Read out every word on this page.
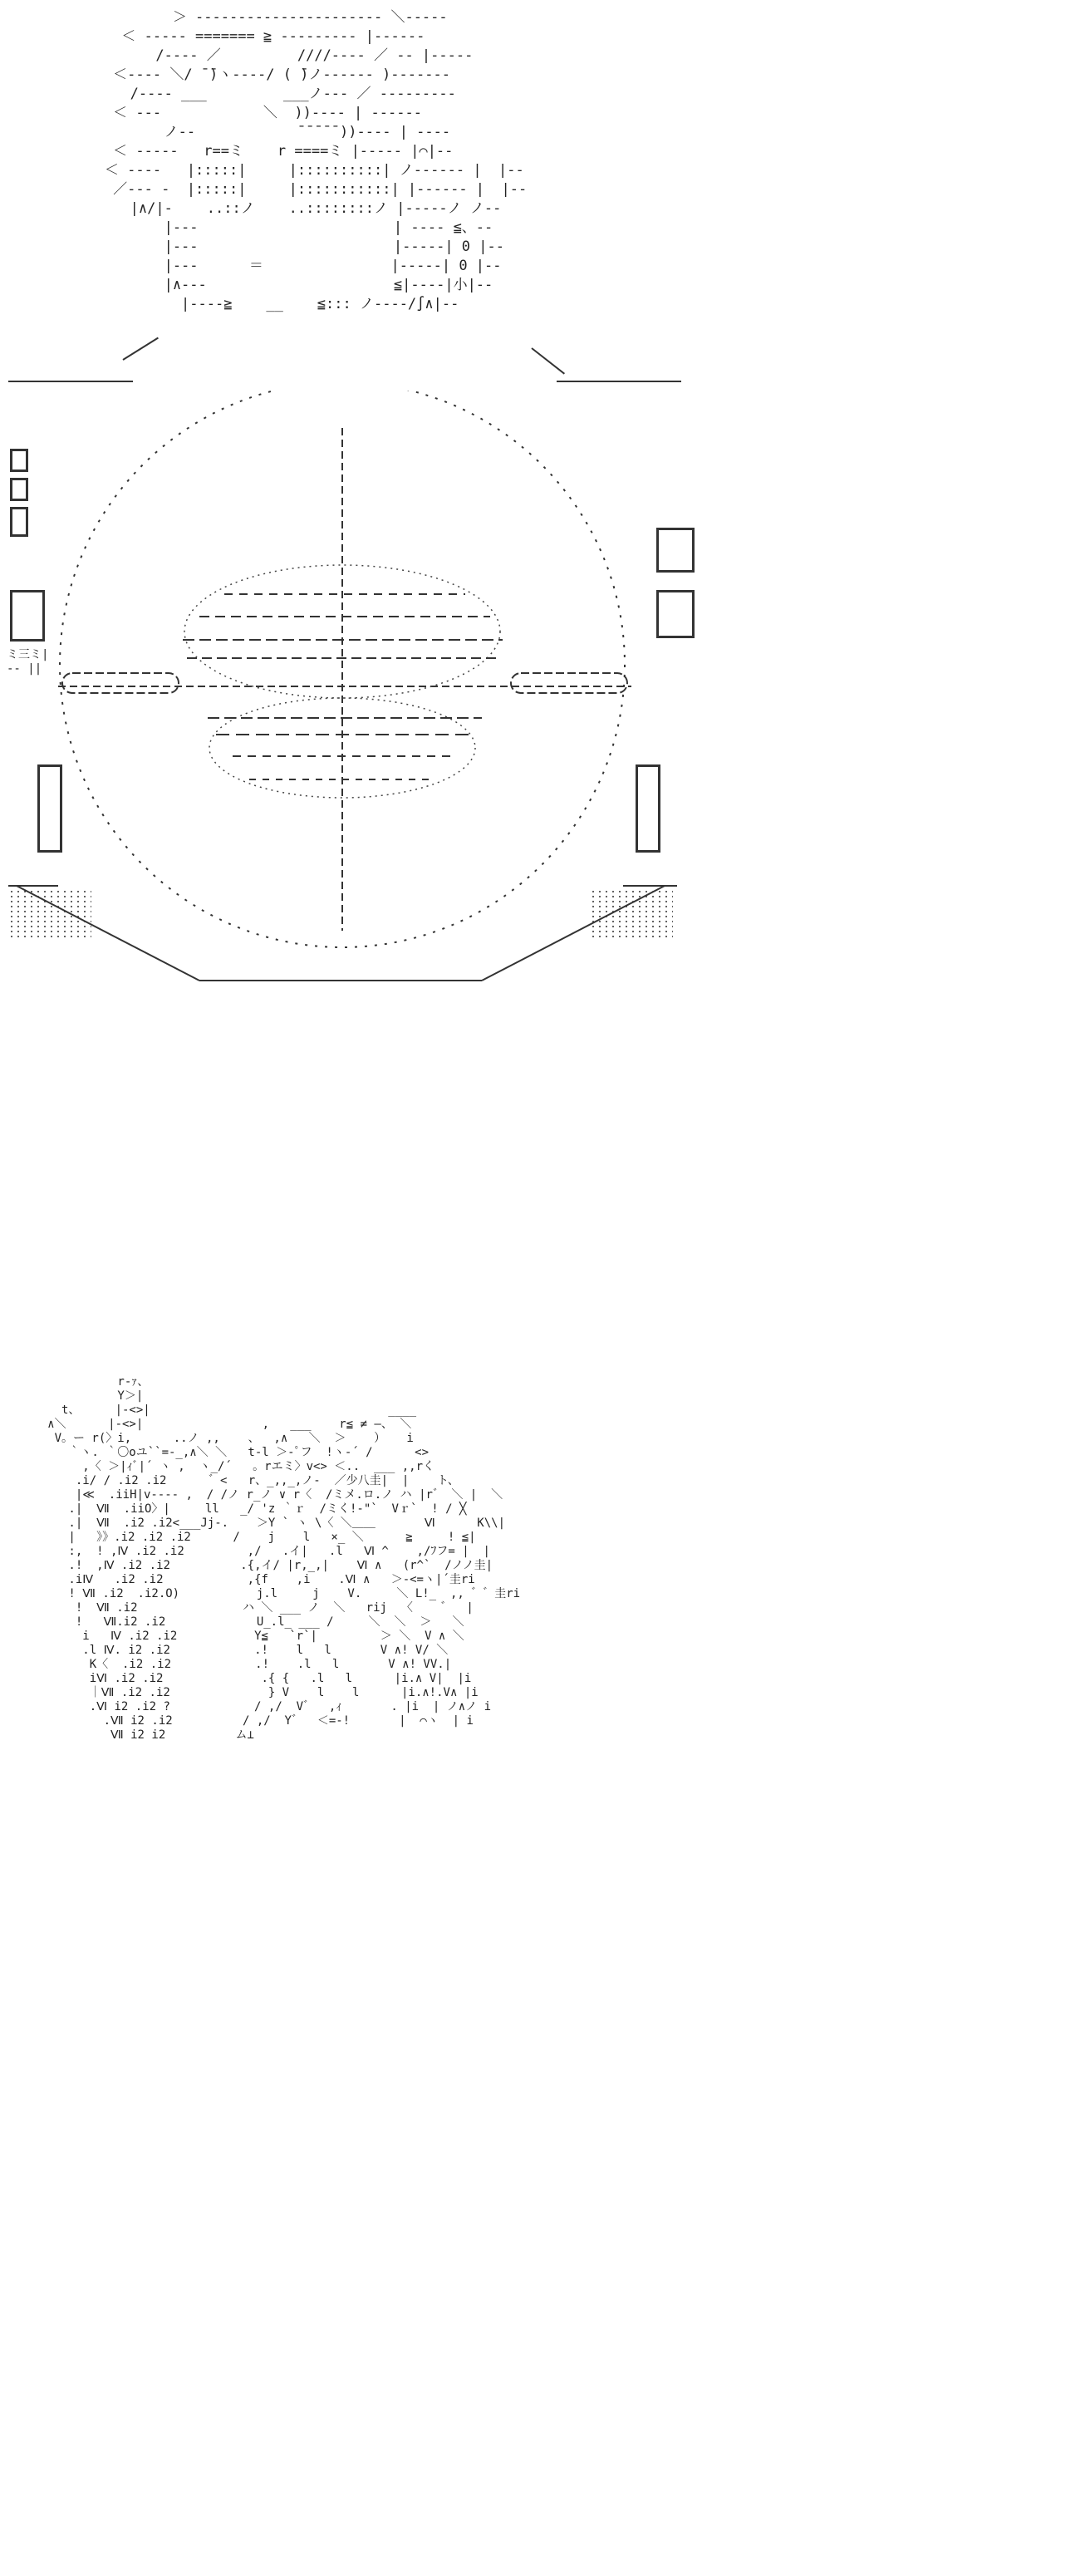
＞ ---------------------- ＼-----
＜ ----- ======= ≧ --------- |------
/---- ／         ////---- ／ -- |-----
＜---- ＼/ ̄ ̄)ヽ----/ ( ̄)ノ------ )-------
/---- ___         ___ノ--- ／ ---------
＜ ---            ＼  ))---- | ------
ノ--            ̄ ̄ ̄ ̄ ̄ ))---- | ----
＜ -----   r==ミ    r ====ミ |----- |⌒|--
＜ ----   |:::::|     |::::::::::| ノ------ |  |--
／--- -  |:::::|     |:::::::::::| |------ |  |--
|∧/|-    ..::ノ    ..::::::::ノ |-----ノ ノ--
|---                       | ---- ≦、--
|---                       |-----| 0 |--
|---      ＝               |-----| 0 |--
|∧---                      ≦|----|小|--
|----≧    __    ≦::: ノ----/∫∧|--
ミ三ミ|
-- ||
r-ｧ、
Y＞|
t、     |-<>|                                  ____
∧＼      |-<>|                 ,   ___    r≦ ≠ ―、 ＼
V。ー r(〉i,      ..ノ ,,    、  ,∧   ＼  ＞    ）   i
｀ヽ. ｀〇oユ``=-_,∧＼ ＼   t-l ＞-ﾟフ  !ヽ-´ /      <>
,〈 ＞|ｨﾞ|´ ヽ ,  ヽ_/´   。rエミ〉v<> ＜..  ___ ,,rく
.i/ / .i2 .i2      ゛<   r、_,,_,ノ-  ／少八圭|  |    ト、
|≪  .iiH|v---- ,  / /ノ r_ノ ∨ r〈  /ミメ.ロ.ノ ハ |r゛ ＼ |  ＼
.|  Ⅶ  .iiO〉|     ll   _/ 'z ｀ｒ  /ミく!-"`  Vｒ`  ! / ╳
.|  Ⅶ  .i2 .i2<___Jj-.    ＞Y ` ヽ \〈 ＼＿＿       Ⅵ      K\\|
|   》》.i2 .i2 .i2      /    j    l   ×_ ＼      ≧     ! ≦|
:,  ! ,Ⅳ .i2 .i2         ,/   .イ|   .l   Ⅵ ^    ,/ﾌフ= |  |
.!  ,Ⅳ .i2 .i2          .{,イ/ |r,_,|    Ⅵ ∧   (r^`  /ノノ圭|
.iⅣ   .i2 .i2            ,{f    ,i    .Ⅵ ∧   ＞-<=ヽ|´圭ri
! Ⅶ .i2  .i2.O)           j.l     j    V.     ＼ L!_  ,, ゛゛圭ri
!  Ⅶ .i2               ハ ＼ ___ ノ  ＼   rij  〈    ゛  |
!   Ⅶ.i2 .i2             U_.l_ ___ /     ＼  ＼  ＞   ＼
i   Ⅳ .i2 .i2           Y≦   `r`|         ＞ ＼  V ∧ ＼
.l Ⅳ. i2 .i2            .!    l   l       V ∧! V/ ＼
K〈  .i2 .i2            .!    .l   l       V ∧! VV.|
iⅥ .i2 .i2              .{ {   .l   l      |i.∧ V|  |i
｜Ⅶ .i2 .i2              } V    l    l      |i.∧!.V∧ |i
.Ⅵ i2 .i2 ?            / ,/  V゛  ,ｨ       . |i  | ノ∧ノ i
.Ⅶ i2 .i2          / ,/  Y゛  ＜=-!       |  ⌒ヽ  | i
Ⅶ i2 i2          ム⊥
